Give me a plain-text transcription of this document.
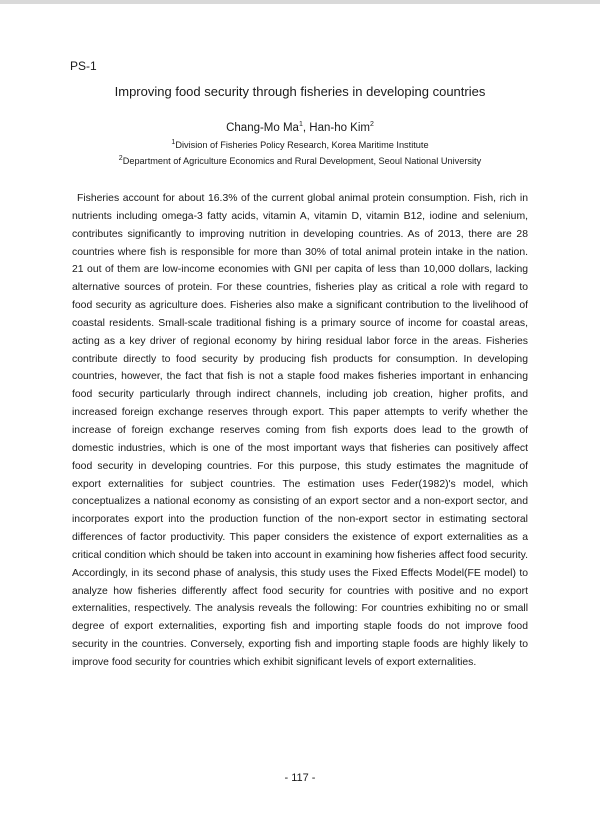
PS-1
Improving food security through fisheries in developing countries
Chang-Mo Ma$^1$, Han-ho Kim$^2$
$^1$Division of Fisheries Policy Research, Korea Maritime Institute
$^2$Department of Agriculture Economics and Rural Development, Seoul National University

Fisheries account for about 16.3% of the current global animal protein consumption. Fish, rich in nutrients including omega-3 fatty acids, vitamin A, vitamin D, vitamin B12, iodine and selenium, contributes significantly to improving nutrition in developing countries. As of 2013, there are 28 countries where fish is responsible for more than 30% of total animal protein intake in the nation. 21 out of them are low-income economies with GNI per capita of less than 10,000 dollars, lacking alternative sources of protein. For these countries, fisheries play as critical a role with regard to food security as agriculture does. Fisheries also make a significant contribution to the livelihood of coastal residents. Small-scale traditional fishing is a primary source of income for coastal areas, acting as a key driver of regional economy by hiring residual labor force in the areas. Fisheries contribute directly to food security by producing fish products for consumption. In developing countries, however, the fact that fish is not a staple food makes fisheries important in enhancing food security particularly through indirect channels, including job creation, higher profits, and increased foreign exchange reserves through export. This paper attempts to verify whether the increase of foreign exchange reserves coming from fish exports does lead to the growth of domestic industries, which is one of the most important ways that fisheries can positively affect food security in developing countries. For this purpose, this study estimates the magnitude of export externalities for subject countries. The estimation uses Feder(1982)'s model, which conceptualizes a national economy as consisting of an export sector and a non-export sector, and incorporates export into the production function of the non-export sector in estimating sectoral differences of factor productivity. This paper considers the existence of export externalities as a critical condition which should be taken into account in examining how fisheries affect food security. Accordingly, in its second phase of analysis, this study uses the Fixed Effects Model(FE model) to analyze how fisheries differently affect food security for countries with positive and no export externalities, respectively. The analysis reveals the following: For countries exhibiting no or small degree of export externalities, exporting fish and importing staple foods do not improve food security in the countries. Conversely, exporting fish and importing staple foods are highly likely to improve food security for countries which exhibit significant levels of export externalities.

- 117 -
